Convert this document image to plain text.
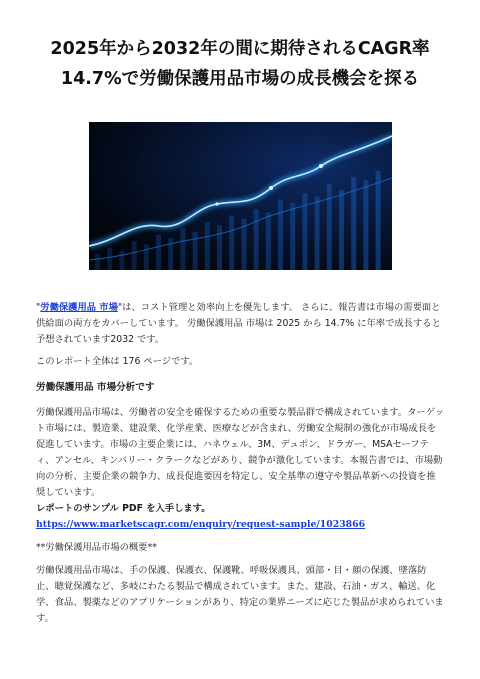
2025年から2032年の間に期待されるCAGR率
14.7%で労働保護用品市場の成長機会を探る

"労働保護用品 市場"は、コスト管理と効率向上を優先します。 さらに、報告書は市場の需要面と供給面の両方をカバーしています。 労働保護用品 市場は 2025 から 14.7% に年率で成長すると予想されています2032 です。

このレポート全体は 176 ページです。

労働保護用品 市場分析です

労働保護用品市場は、労働者の安全を確保するための重要な製品群で構成されています。ターゲット市場には、製造業、建設業、化学産業、医療などが含まれ、労働安全規制の強化が市場成長を促進しています。市場の主要企業には、ハネウェル、3M、デュポン、ドラガー、MSAセーフティ、アンセル、キンバリー・クラークなどがあり、競争が激化しています。本報告書では、市場動向の分析、主要企業の競争力、成長促進要因を特定し、安全基準の遵守や製品革新への投資を推奨しています。

レポートのサンプル PDF を入手します。 https://www.marketscagr.com/enquiry/request-sample/1023866

**労働保護用品市場の概要**

労働保護用品市場は、手の保護、保護衣、保護靴、呼吸保護具、頭部・目・顔の保護、墜落防止、聴覚保護など、多岐にわたる製品で構成されています。また、建設、石油・ガス、輸送、化学、食品、製薬などのアプリケーションがあり、特定の業界ニーズに応じた製品が求められています。
